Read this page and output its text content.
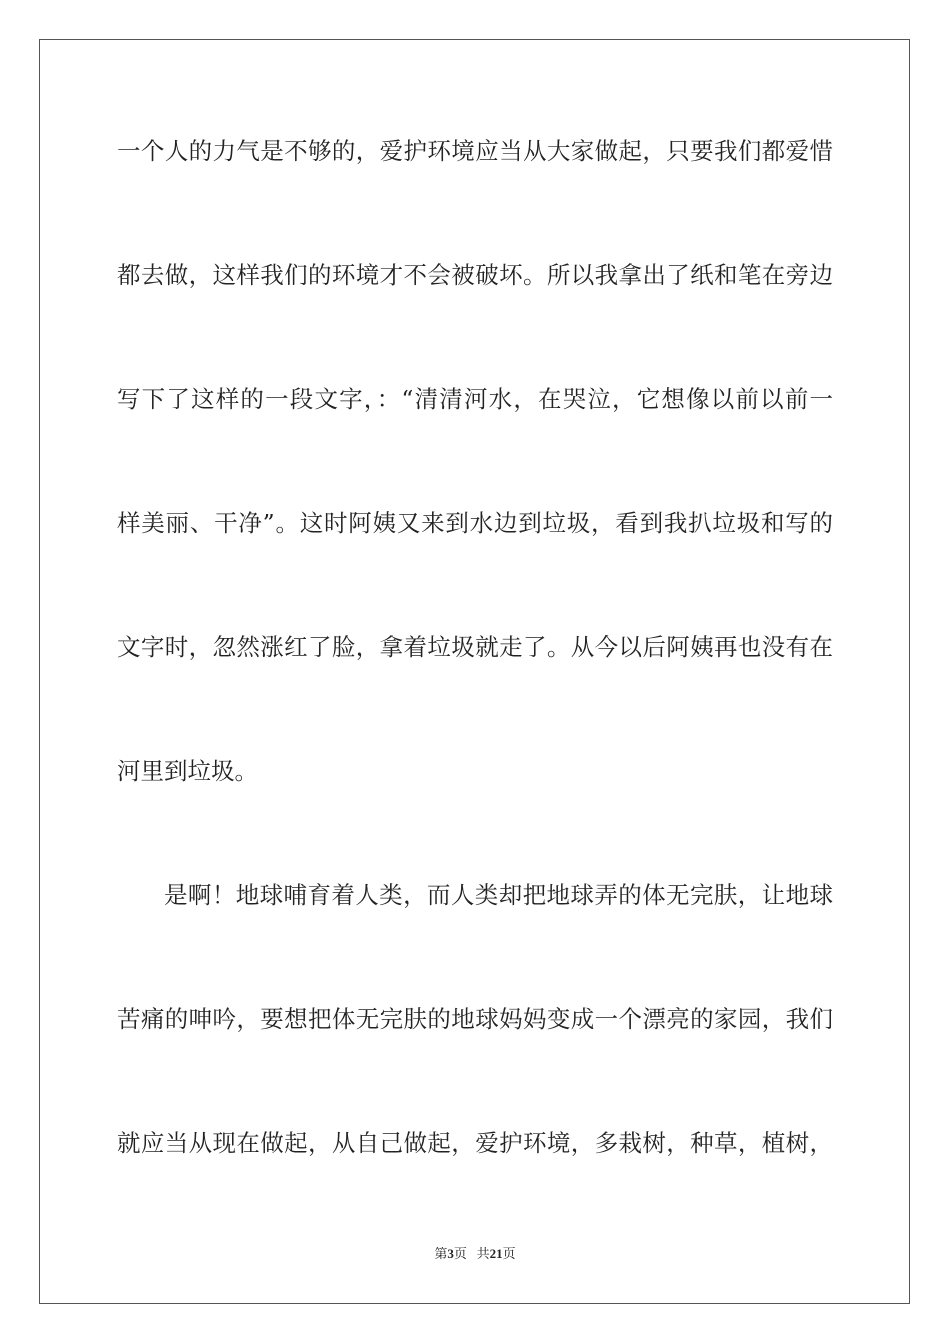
一个人的力气是不够的，爱护环境应当从大家做起，只要我们都爱惜
都去做，这样我们的环境才不会被破坏。所以我拿出了纸和笔在旁边
写下了这样的一段文字，：“清清河水，在哭泣，它想像以前以前一
样美丽、干净”。这时阿姨又来到水边到垃圾，看到我扒垃圾和写的
文字时，忽然涨红了脸，拿着垃圾就走了。从今以后阿姨再也没有在
河里到垃圾。
是啊！地球哺育着人类，而人类却把地球弄的体无完肤，让地球
苦痛的呻吟，要想把体无完肤的地球妈妈变成一个漂亮的家园，我们
就应当从现在做起，从自己做起，爱护环境，多栽树，种草，植树，
第3页 共21页
